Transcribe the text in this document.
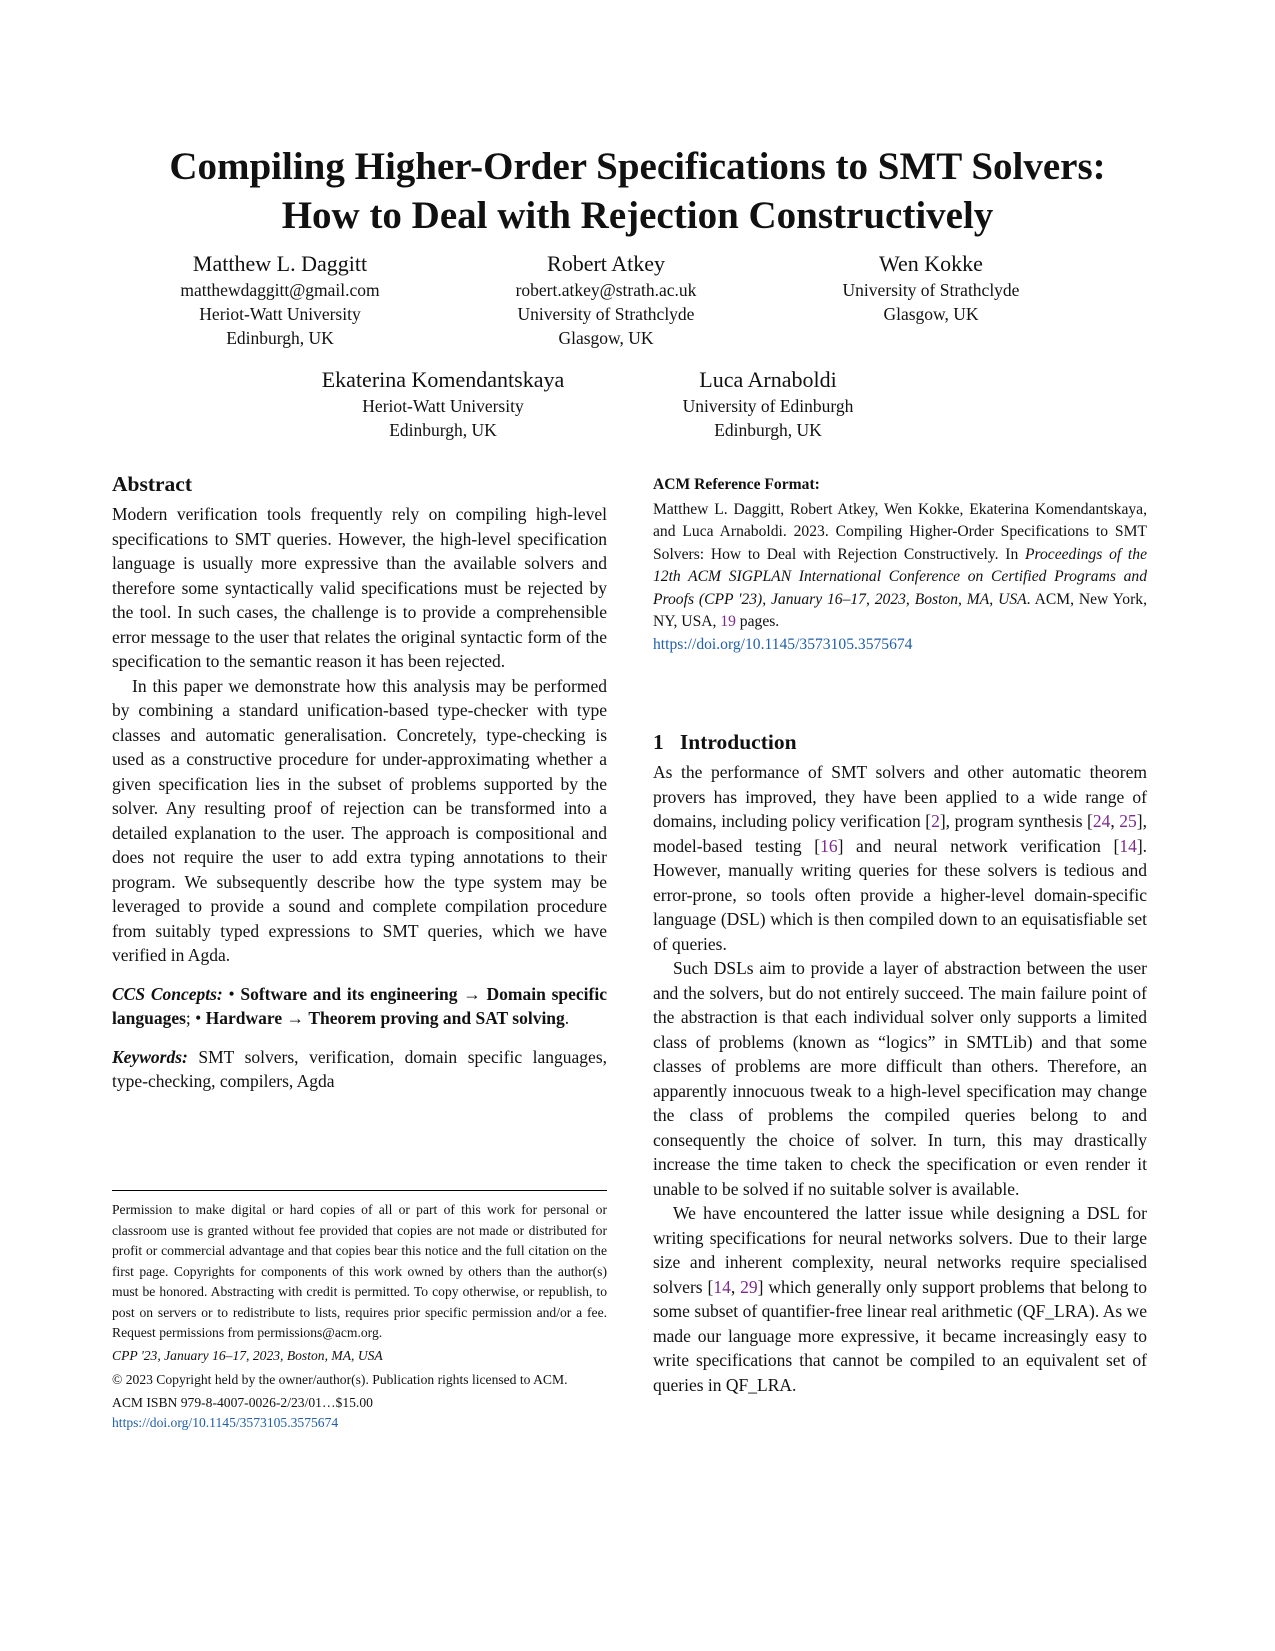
Compiling Higher-Order Specifications to SMT Solvers:
How to Deal with Rejection Constructively
Matthew L. Daggitt
matthewdaggitt@gmail.com
Heriot-Watt University
Edinburgh, UK
Robert Atkey
robert.atkey@strath.ac.uk
University of Strathclyde
Glasgow, UK
Wen Kokke
University of Strathclyde
Glasgow, UK
Ekaterina Komendantskaya
Heriot-Watt University
Edinburgh, UK
Luca Arnaboldi
University of Edinburgh
Edinburgh, UK
Abstract

Modern verification tools frequently rely on compiling high-level specifications to SMT queries. However, the high-level specification language is usually more expressive than the available solvers and therefore some syntactically valid specifications must be rejected by the tool. In such cases, the challenge is to provide a comprehensible error message to the user that relates the original syntactic form of the specification to the semantic reason it has been rejected.

In this paper we demonstrate how this analysis may be performed by combining a standard unification-based type-checker with type classes and automatic generalisation. Concretely, type-checking is used as a constructive procedure for under-approximating whether a given specification lies in the subset of problems supported by the solver. Any resulting proof of rejection can be transformed into a detailed explanation to the user. The approach is compositional and does not require the user to add extra typing annotations to their program. We subsequently describe how the type system may be leveraged to provide a sound and complete compilation procedure from suitably typed expressions to SMT queries, which we have verified in Agda.

CCS Concepts: • Software and its engineering → Domain specific languages; • Hardware → Theorem proving and SAT solving.

Keywords: SMT solvers, verification, domain specific languages, type-checking, compilers, Agda

Permission to make digital or hard copies of all or part of this work for personal or classroom use is granted without fee provided that copies are not made or distributed for profit or commercial advantage and that copies bear this notice and the full citation on the first page. Copyrights for components of this work owned by others than the author(s) must be honored. Abstracting with credit is permitted. To copy otherwise, or republish, to post on servers or to redistribute to lists, requires prior specific permission and/or a fee. Request permissions from permissions@acm.org.

CPP '23, January 16–17, 2023, Boston, MA, USA

© 2023 Copyright held by the owner/author(s). Publication rights licensed to ACM.

ACM ISBN 979-8-4007-0026-2/23/01…$15.00

https://doi.org/10.1145/3573105.3575674

ACM Reference Format:

Matthew L. Daggitt, Robert Atkey, Wen Kokke, Ekaterina Komendantskaya, and Luca Arnaboldi. 2023. Compiling Higher-Order Specifications to SMT Solvers: How to Deal with Rejection Constructively. In Proceedings of the 12th ACM SIGPLAN International Conference on Certified Programs and Proofs (CPP '23), January 16–17, 2023, Boston, MA, USA. ACM, New York, NY, USA, 19 pages.

https://doi.org/10.1145/3573105.3575674

1   Introduction

As the performance of SMT solvers and other automatic theorem provers has improved, they have been applied to a wide range of domains, including policy verification [2], program synthesis [24, 25], model-based testing [16] and neural network verification [14]. However, manually writing queries for these solvers is tedious and error-prone, so tools often provide a higher-level domain-specific language (DSL) which is then compiled down to an equisatisfiable set of queries.

Such DSLs aim to provide a layer of abstraction between the user and the solvers, but do not entirely succeed. The main failure point of the abstraction is that each individual solver only supports a limited class of problems (known as “logics” in SMTLib) and that some classes of problems are more difficult than others. Therefore, an apparently innocuous tweak to a high-level specification may change the class of problems the compiled queries belong to and consequently the choice of solver. In turn, this may drastically increase the time taken to check the specification or even render it unable to be solved if no suitable solver is available.

We have encountered the latter issue while designing a DSL for writing specifications for neural networks solvers. Due to their large size and inherent complexity, neural networks require specialised solvers [14, 29] which generally only support problems that belong to some subset of quantifier-free linear real arithmetic (QF_LRA). As we made our language more expressive, it became increasingly easy to write specifications that cannot be compiled to an equivalent set of queries in QF_LRA.
